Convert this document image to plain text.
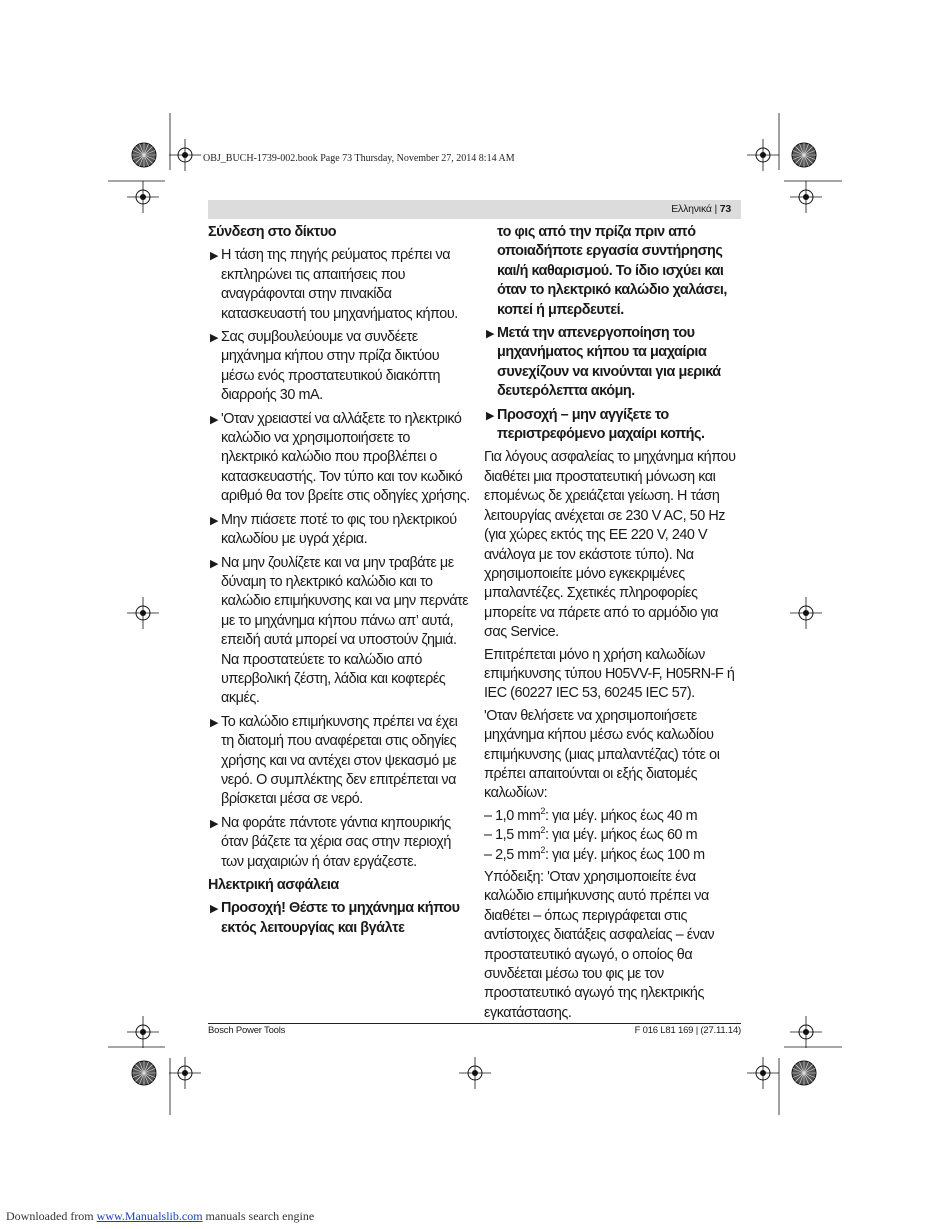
OBJ_BUCH-1739-002.book Page 73 Thursday, November 27, 2014 8:14 AM
Ελληνικά | 73
Σύνδεση στο δίκτυο
▶ Η τάση της πηγής ρεύματος πρέπει να εκπληρώνει τις απαιτήσεις που αναγράφονται στην πινακίδα κατασκευαστή του μηχανήματος κήπου.
▶ Σας συμβουλεύουμε να συνδέετε μηχάνημα κήπου στην πρίζα δικτύου μέσω ενός προστατευτικού διακόπτη διαρροής 30 mA.
▶ 'Οταν χρειαστεί να αλλάξετε το ηλεκτρικό καλώδιο να χρησιμοποιήσετε το ηλεκτρικό καλώδιο που προβλέπει ο κατασκευαστής. Τον τύπο και τον κωδικό αριθμό θα τον βρείτε στις οδηγίες χρήσης.
▶ Μην πιάσετε ποτέ το φις του ηλεκτρικού καλωδίου με υγρά χέρια.
▶ Να μην ζουλίζετε και να μην τραβάτε με δύναμη το ηλεκτρικό καλώδιο και το καλώδιο επιμήκυνσης και να μην περνάτε με το μηχάνημα κήπου πάνω απ’ αυτά, επειδή αυτά μπορεί να υποστούν ζημιά. Να προστατεύετε το καλώδιο από υπερβολική ζέστη, λάδια και κοφτερές ακμές.
▶ Το καλώδιο επιμήκυνσης πρέπει να έχει τη διατομή που αναφέρεται στις οδηγίες χρήσης και να αντέχει στον ψεκασμό με νερό. Ο συμπλέκτης δεν επιτρέπεται να βρίσκεται μέσα σε νερό.
▶ Να φοράτε πάντοτε γάντια κηπουρικής όταν βάζετε τα χέρια σας στην περιοχή των μαχαιριών ή όταν εργάζεστε.
Ηλεκτρική ασφάλεια
▶ Προσοχή! Θέστε το μηχάνημα κήπου εκτός λειτουργίας και βγάλτε
το φις από την πρίζα πριν από οποιαδήποτε εργασία συντήρησης και/ή καθαρισμού. Το ίδιο ισχύει και όταν το ηλεκτρικό καλώδιο χαλάσει, κοπεί ή μπερδευτεί.
▶ Μετά την απενεργοποίηση του μηχανήματος κήπου τα μαχαίρια συνεχίζουν να κινούνται για μερικά δευτερόλεπτα ακόμη.
▶ Προσοχή – μην αγγίξετε το περιστρεφόμενο μαχαίρι κοπής.

Για λόγους ασφαλείας το μηχάνημα κήπου διαθέτει μια προστατευτική μόνωση και επομένως δε χρειάζεται γείωση. Η τάση λειτουργίας ανέχεται σε 230 V AC, 50 Hz (για χώρες εκτός της ΕΕ 220 V, 240 V ανάλογα με τον εκάστοτε τύπο). Να χρησιμοποιείτε μόνο εγκεκριμένες μπαλαντέζες. Σχετικές πληροφορίες μπορείτε να πάρετε από το αρμόδιο για σας Service.

Επιτρέπεται μόνο η χρήση καλωδίων επιμήκυνσης τύπου H05VV-F, H05RN-F ή IEC (60227 IEC 53, 60245 IEC 57).

'Οταν θελήσετε να χρησιμοποιήσετε μηχάνημα κήπου μέσω ενός καλωδίου επιμήκυνσης (μιας μπαλαντέζας) τότε οι πρέπει απαιτούνται οι εξής διατομές καλωδίων:

– 1,0 $mm^2$: για μέγ. μήκος έως 40 m
– 1,5 $mm^2$: για μέγ. μήκος έως 60 m
– 2,5 $mm^2$: για μέγ. μήκος έως 100 m

Υπόδειξη: 'Οταν χρησιμοποιείτε ένα καλώδιο επιμήκυνσης αυτό πρέπει να διαθέτει – όπως περιγράφεται στις αντίστοιχες διατάξεις ασφαλείας – έναν προστατευτικό αγωγό, ο οποίος θα συνδέεται μέσω του φις με τον προστατευτικό αγωγό της ηλεκτρικής εγκατάστασης.

Bosch Power Tools	F 016 L81 169 | (27.11.14)
Downloaded from www.Manualslib.com manuals search engine
